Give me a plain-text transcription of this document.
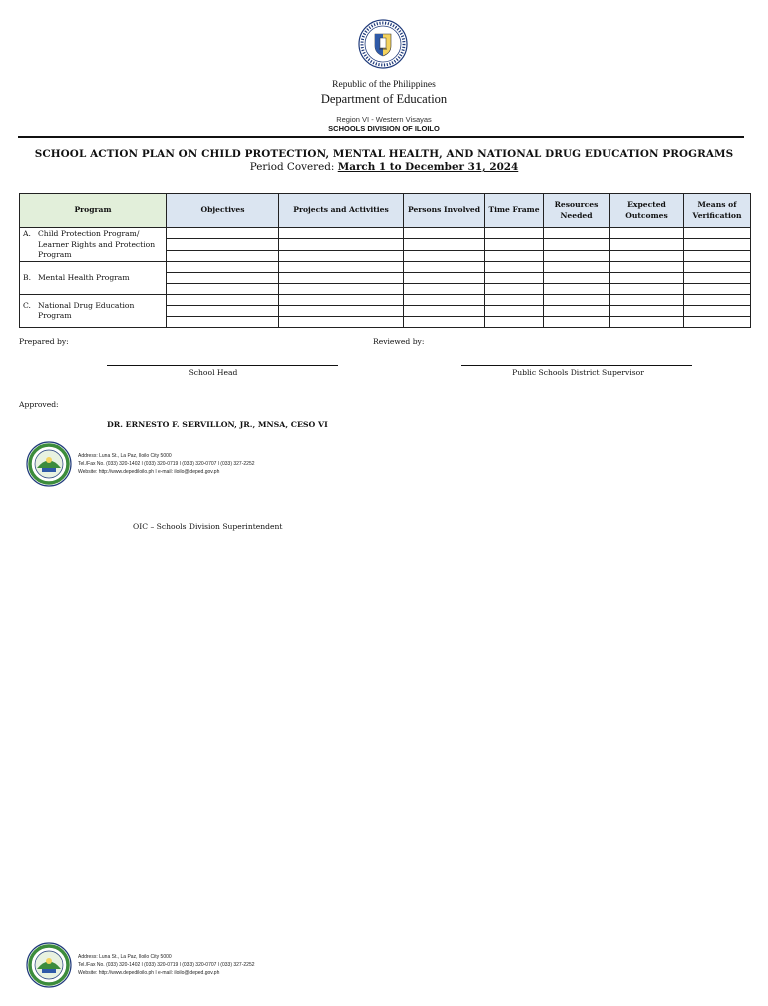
Republic of the Philippines
Department of Education
Region VI - Western Visayas
SCHOOLS DIVISION OF ILOILO
SCHOOL ACTION PLAN ON CHILD PROTECTION, MENTAL HEALTH, AND NATIONAL DRUG EDUCATION PROGRAMS
Period Covered: March 1 to December 31, 2024
Program	Objectives	Projects and Activities	Persons Involved	Time Frame	Resources Needed	Expected Outcomes	Means of Verification

A. Child Protection Program/ Learner Rights and Protection Program							

B. Mental Health Program							

C. National Drug Education Program							

Prepared by:	Reviewed by:
School Head	Public Schools District Supervisor
Approved:
DR. ERNESTO F. SERVILLON, JR., MNSA, CESO VI
Address: Luna St., La Paz, Iloilo City 5000
Tel./Fax No. (033) 320-1402 l (033) 320-0719 l (033) 320-0707 l (033) 327-2252
Website: http://www.depediloilo.ph l e-mail: iloilo@deped.gov.ph
OIC – Schools Division Superintendent
Address: Luna St., La Paz, Iloilo City 5000
Tel./Fax No. (033) 320-1402 l (033) 320-0719 l (033) 320-0707 l (033) 327-2252
Website: http://www.depediloilo.ph l e-mail: iloilo@deped.gov.ph
